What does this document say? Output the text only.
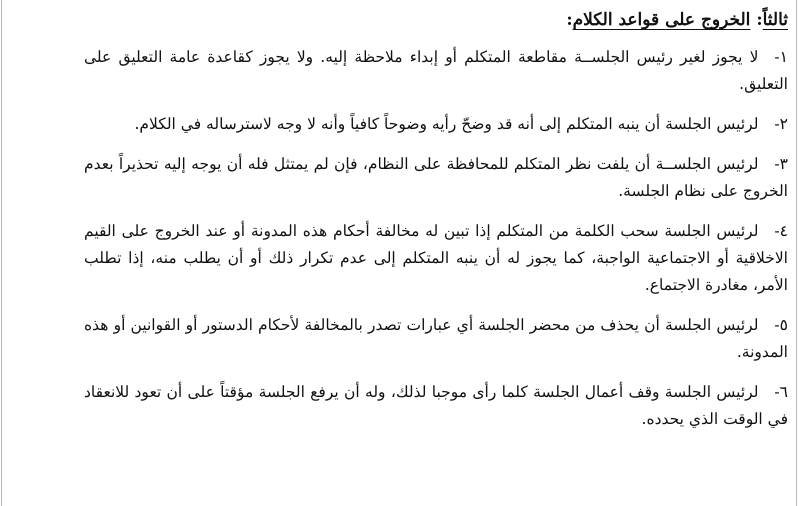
ثالثاً: الخروج على قواعد الكلام:

١-لا يجوز لغير رئيس الجلســة مقاطعة المتكلم أو إبداء ملاحظة إليه. ولا يجوز كقاعدة عامة التعليق على التعليق.

٢-لرئيس الجلسة أن ينبه المتكلم إلى أنه قد وضحّ رأيه وضوحاً كافياً وأنه لا وجه لاسترساله في الكلام.

٣-لرئيس الجلســة أن يلفت نظر المتكلم للمحافظة على النظام، فإن لم يمتثل فله أن يوجه إليه تحذيراً بعدم الخروج على نظام الجلسة.

٤-لرئيس الجلسة سحب الكلمة من المتكلم إذا تبين له مخالفة أحكام هذه المدونة أو عند الخروج على القيم الاخلاقية أو الاجتماعية الواجبة، كما يجوز له أن ينبه المتكلم إلى عدم تكرار ذلك أو أن يطلب منه، إذا تطلب الأمر، مغادرة الاجتماع.

٥-لرئيس الجلسة أن يحذف من محضر الجلسة أي عبارات تصدر بالمخالفة لأحكام الدستور أو القوانين أو هذه المدونة.

٦-لرئيس الجلسة وقف أعمال الجلسة كلما رأى موجبا لذلك، وله أن يرفع الجلسة مؤقتاً على أن تعود للانعقاد في الوقت الذي يحدده.
